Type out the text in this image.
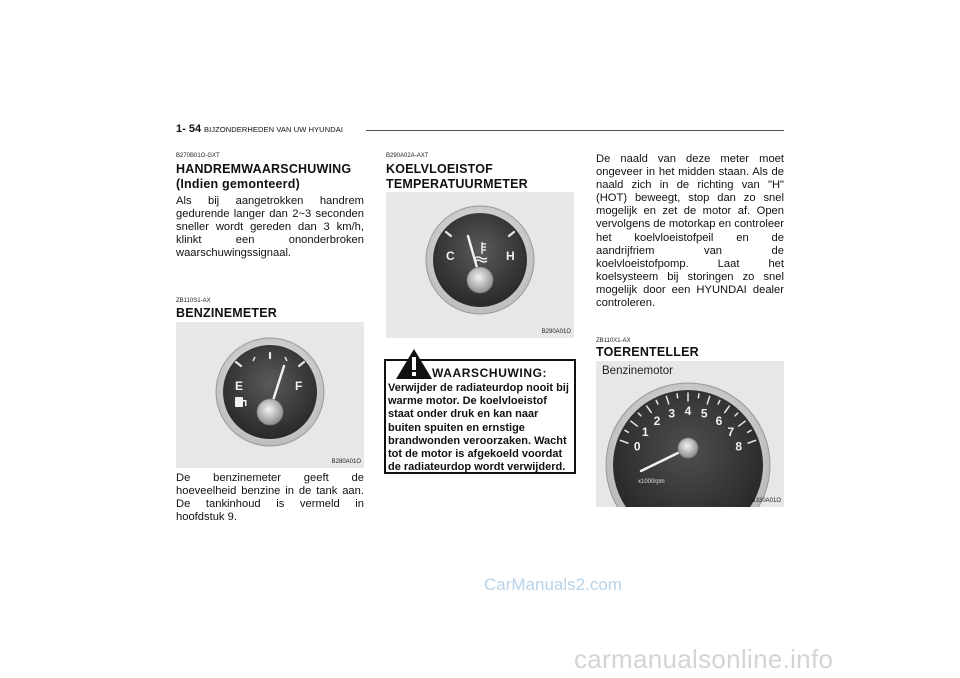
1- 54 BIJZONDERHEDEN VAN UW HYUNDAI
B270B01O-GXT
HANDREMWAARSCHUWING
(Indien gemonteerd)
Als bij aangetrokken handrem gedurende langer dan 2~3 seconden sneller wordt gereden dan 3 km/h, klinkt een ononderbroken waarschuwingssignaal.
ZB110S1-AX
BENZINEMETER
E	F
B280A01O
De benzinemeter geeft de hoeveelheid benzine in de tank aan. De tankinhoud is vermeld in hoofdstuk 9.
B290A02A-AXT
KOELVLOEISTOF
TEMPERATUURMETER
C	H
B290A01O
WAARSCHUWING:
Verwijder de radiateurdop nooit bij warme motor. De koelvloeistof staat onder druk en kan naar buiten spuiten en ernstige brandwonden veroorzaken. Wacht tot de motor is afgekoeld voordat de radiateurdop wordt verwijderd.
De naald van deze meter moet ongeveer in het midden staan. Als de naald zich in de richting van "H" (HOT) beweegt, stop dan zo snel mogelijk en zet de motor af. Open vervolgens de motorkap en controleer het koelvloeistofpeil en de aandrijfriem van de koelvloeistofpomp. Laat het koelsysteem bij storingen zo snel mogelijk door een HYUNDAI dealer controleren.
ZB110X1-AX
TOERENTELLER
0
1
2
3 4 5
6
7
8
x1000rpm
Benzinemotor
B330A01O
CarManuals2.com
carmanualsonline.info
